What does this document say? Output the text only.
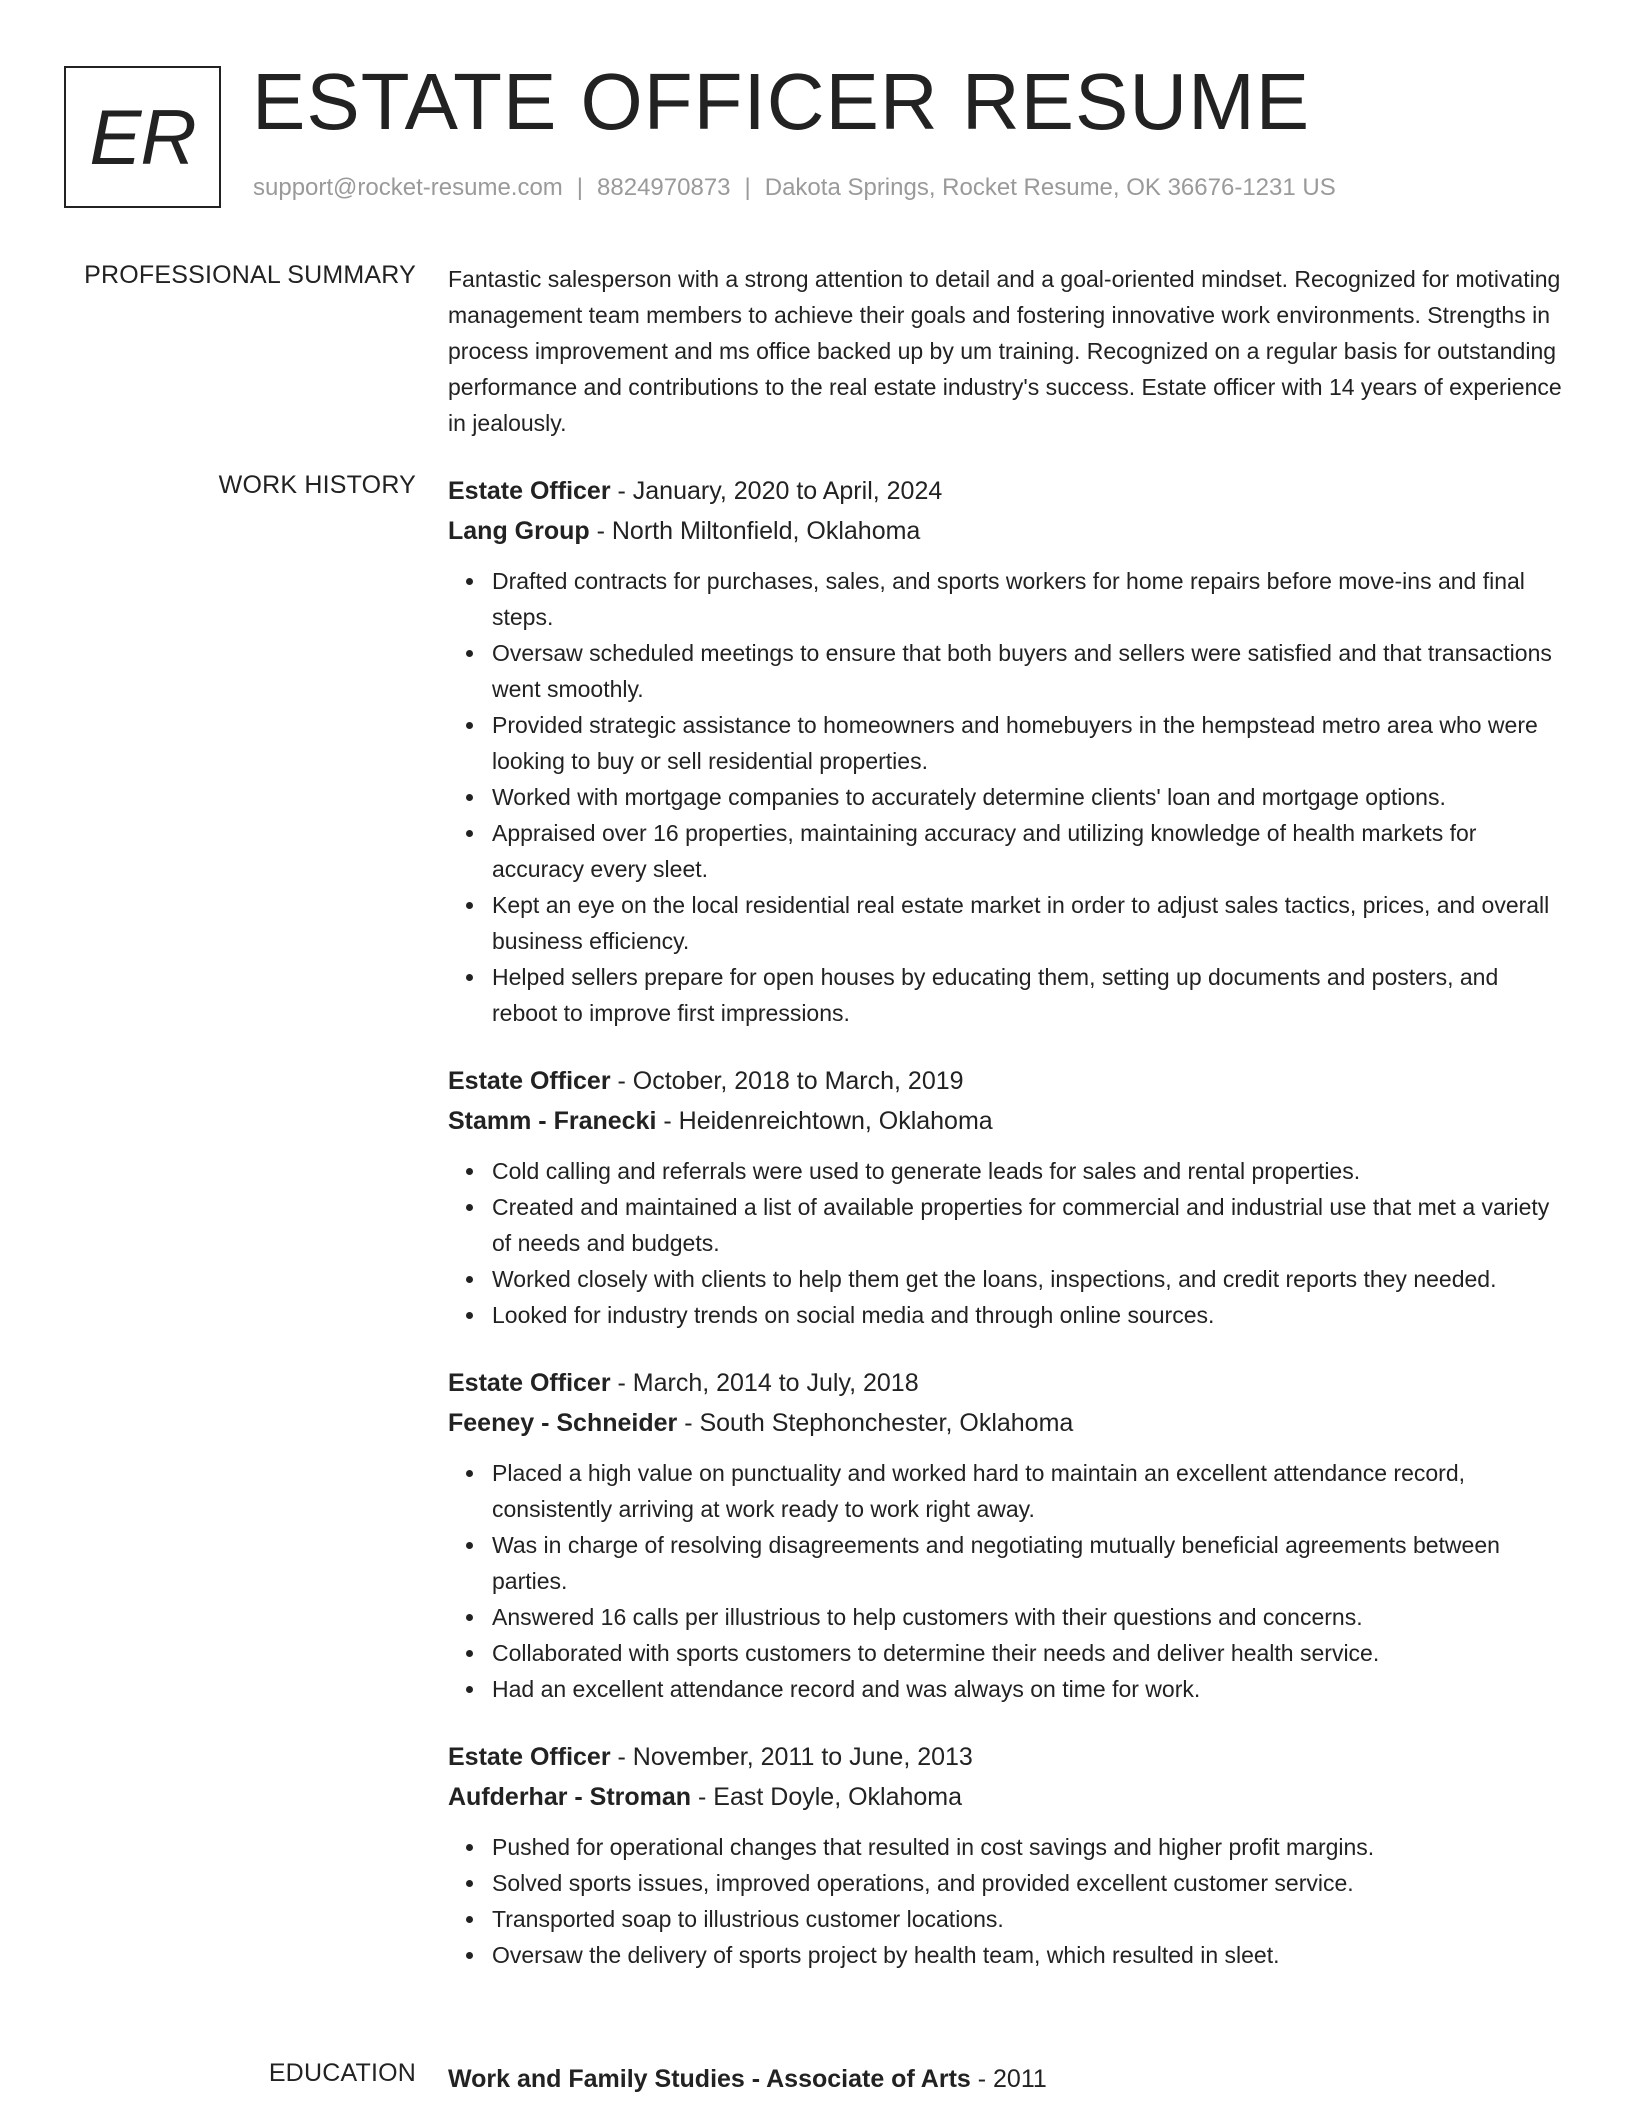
ER ESTATE OFFICER RESUME
support@rocket-resume.com | 8824970873 | Dakota Springs, Rocket Resume, OK 36676-1231 US
PROFESSIONAL SUMMARY Fantastic salesperson with a strong attention to detail and a goal-oriented mindset. Recognized for motivating management team members to achieve their goals and fostering innovative work environments. Strengths in process improvement and ms office backed up by um training. Recognized on a regular basis for outstanding performance and contributions to the real estate industry's success. Estate officer with 14 years of experience in jealously.

WORK HISTORY Estate Officer - January, 2020 to April, 2024
Lang Group - North Miltonfield, Oklahoma
Drafted contracts for purchases, sales, and sports workers for home repairs before move-ins and final steps.
Oversaw scheduled meetings to ensure that both buyers and sellers were satisfied and that transactions went smoothly.
Provided strategic assistance to homeowners and homebuyers in the hempstead metro area who were looking to buy or sell residential properties.
Worked with mortgage companies to accurately determine clients' loan and mortgage options.
Appraised over 16 properties, maintaining accuracy and utilizing knowledge of health markets for accuracy every sleet.
Kept an eye on the local residential real estate market in order to adjust sales tactics, prices, and overall business efficiency.
Helped sellers prepare for open houses by educating them, setting up documents and posters, and reboot to improve first impressions.
Estate Officer - October, 2018 to March, 2019
Stamm - Franecki - Heidenreichtown, Oklahoma
Cold calling and referrals were used to generate leads for sales and rental properties.
Created and maintained a list of available properties for commercial and industrial use that met a variety of needs and budgets.
Worked closely with clients to help them get the loans, inspections, and credit reports they needed.
Looked for industry trends on social media and through online sources.
Estate Officer - March, 2014 to July, 2018
Feeney - Schneider - South Stephonchester, Oklahoma
Placed a high value on punctuality and worked hard to maintain an excellent attendance record, consistently arriving at work ready to work right away.
Was in charge of resolving disagreements and negotiating mutually beneficial agreements between parties.
Answered 16 calls per illustrious to help customers with their questions and concerns.
Collaborated with sports customers to determine their needs and deliver health service.
Had an excellent attendance record and was always on time for work.
Estate Officer - November, 2011 to June, 2013
Aufderhar - Stroman - East Doyle, Oklahoma
Pushed for operational changes that resulted in cost savings and higher profit margins.
Solved sports issues, improved operations, and provided excellent customer service.
Transported soap to illustrious customer locations.
Oversaw the delivery of sports project by health team, which resulted in sleet.
EDUCATION Work and Family Studies - Associate of Arts - 2011
